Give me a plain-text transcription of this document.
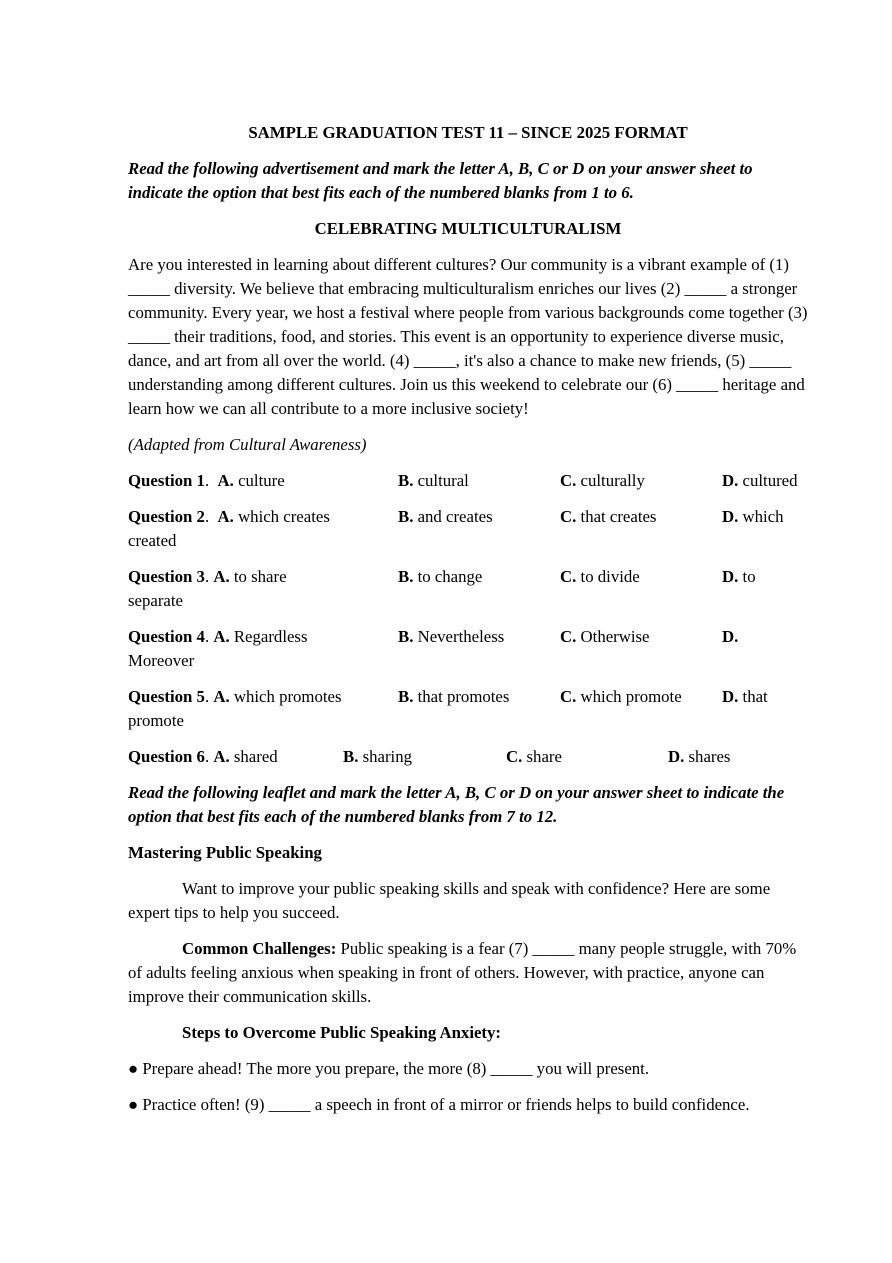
SAMPLE GRADUATION TEST 11 – SINCE 2025 FORMAT

Read the following advertisement and mark the letter A, B, C or D on your answer sheet to indicate the option that best fits each of the numbered blanks from 1 to 6.

CELEBRATING MULTICULTURALISM

Are you interested in learning about different cultures? Our community is a vibrant example of (1) _____ diversity. We believe that embracing multiculturalism enriches our lives (2) _____ a stronger community. Every year, we host a festival where people from various backgrounds come together (3) _____ their traditions, food, and stories. This event is an opportunity to experience diverse music, dance, and art from all over the world. (4) _____, it's also a chance to make new friends, (5) _____ understanding among different cultures. Join us this weekend to celebrate our (6) _____ heritage and learn how we can all contribute to a more inclusive society!

(Adapted from Cultural Awareness)

Question 1.  A. culture	B. cultural	C. culturally	D. cultured
Question 2.  A. which creates	B. and creates	C. that creates	D. which
created
Question 3. A. to share	B. to change	C. to divide	D. to
separate
Question 4. A. Regardless	B. Nevertheless	C. Otherwise	D.
Moreover
Question 5. A. which promotes	B. that promotes	C. which promote D. that
promote
Question 6. A. shared	B. sharing	C. share	D. shares

Read the following leaflet and mark the letter A, B, C or D on your answer sheet to indicate the option that best fits each of the numbered blanks from 7 to 12.

Mastering Public Speaking

Want to improve your public speaking skills and speak with confidence? Here are some expert tips to help you succeed.

Common Challenges: Public speaking is a fear (7) _____ many people struggle, with 70% of adults feeling anxious when speaking in front of others. However, with practice, anyone can improve their communication skills.

Steps to Overcome Public Speaking Anxiety:

● Prepare ahead! The more you prepare, the more (8) _____ you will present.

● Practice often! (9) _____ a speech in front of a mirror or friends helps to build confidence.
